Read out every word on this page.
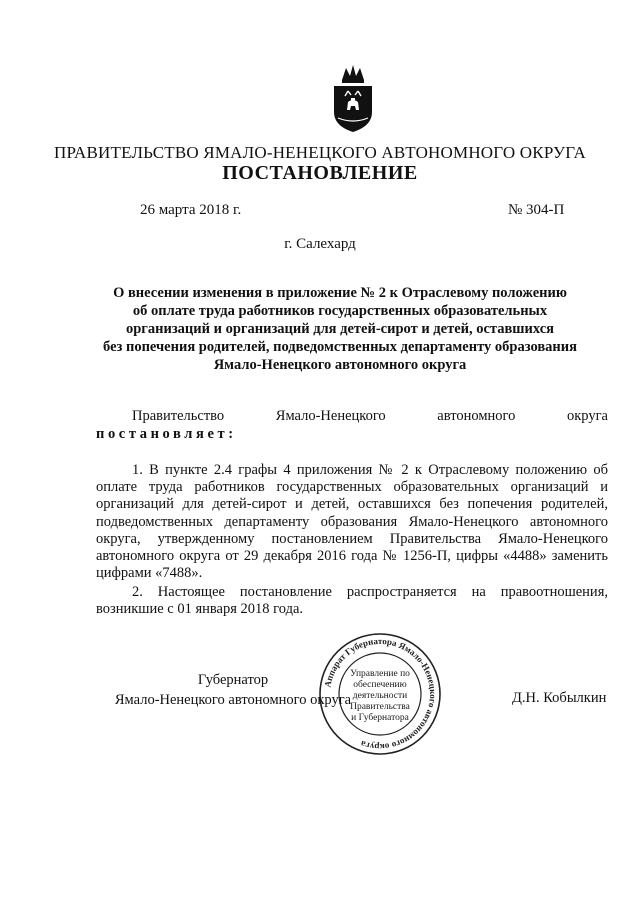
ПРАВИТЕЛЬСТВО ЯМАЛО-НЕНЕЦКОГО АВТОНОМНОГО ОКРУГА
ПОСТАНОВЛЕНИЕ
26 марта 2018 г.	№ 304-П
г. Салехард
О внесении изменения в приложение № 2 к Отраслевому положению
об оплате труда работников государственных образовательных
организаций и организаций для детей-сирот и детей, оставшихся
без попечения родителей, подведомственных департаменту образования
Ямало-Ненецкого автономного округа
Правительство	Ямало-Ненецкого	автономного	округа
постановляет:
1. В пункте 2.4 графы 4 приложения № 2 к Отраслевому положению об оплате труда работников государственных образовательных организаций и организаций для детей-сирот и детей, оставшихся без попечения родителей, подведомственных департаменту образования Ямало-Ненецкого автономного округа, утвержденному постановлением Правительства Ямало-Ненецкого автономного округа от 29 декабря 2016 года № 1256-П, цифры «4488» заменить цифрами «7488».
2. Настоящее постановление распространяется на правоотношения, возникшие с 01 января 2018 года.
Аппарат Губернатора Ямало-Ненецкого автономного округа
Управление по
обеспечению
деятельности
Правительства
и Губернатора
Губернатор
Ямало-Ненецкого автономного округа	Д.Н. Кобылкин
